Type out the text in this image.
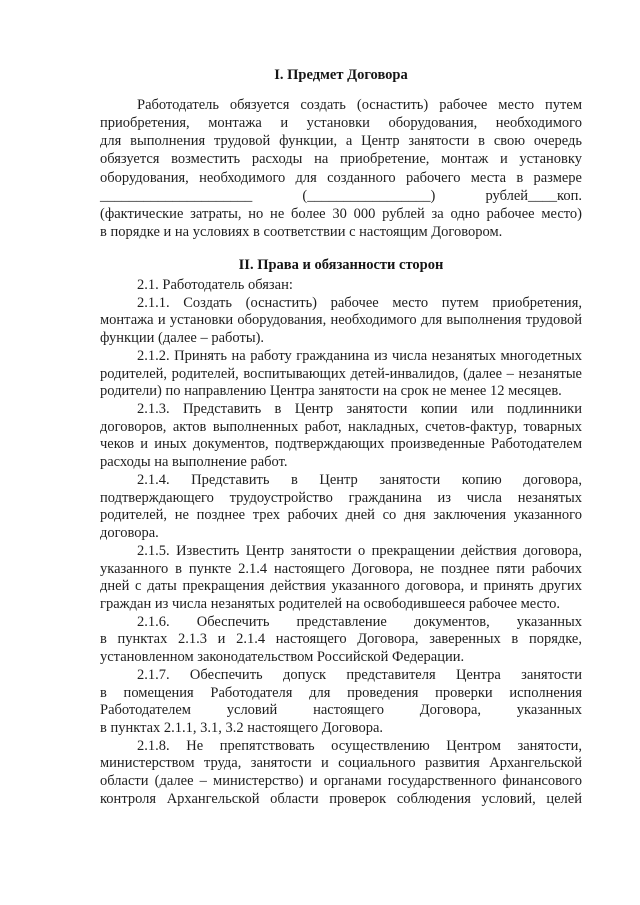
I. Предмет Договора
Работодатель обязуется создать (оснастить) рабочее место путем
приобретения, монтажа и установки оборудования, необходимого
для выполнения трудовой функции, а Центр занятости в свою очередь
обязуется возместить расходы на приобретение, монтаж и установку
оборудования, необходимого для созданного рабочего места в размере
_____________________ (_________________) рублей____коп.
(фактические затраты, но не более 30 000 рублей за одно рабочее место)
в порядке и на условиях в соответствии с настоящим Договором.
II. Права и обязанности сторон
2.1. Работодатель обязан:
2.1.1. Создать (оснастить) рабочее место путем приобретения,
монтажа и установки оборудования, необходимого для выполнения трудовой
функции (далее – работы).
2.1.2. Принять на работу гражданина из числа незанятых многодетных
родителей, родителей, воспитывающих детей-инвалидов, (далее – незанятые
родители) по направлению Центра занятости на срок не менее 12 месяцев.
2.1.3. Представить в Центр занятости копии или подлинники
договоров, актов выполненных работ, накладных, счетов-фактур, товарных
чеков и иных документов, подтверждающих произведенные Работодателем
расходы на выполнение работ.
2.1.4. Представить в Центр занятости копию договора,
подтверждающего трудоустройство гражданина из числа незанятых
родителей, не позднее трех рабочих дней со дня заключения указанного
договора.
2.1.5. Известить Центр занятости о прекращении действия договора,
указанного в пункте 2.1.4 настоящего Договора, не позднее пяти рабочих
дней с даты прекращения действия указанного договора, и принять других
граждан из числа незанятых родителей на освободившееся рабочее место.
2.1.6. Обеспечить представление документов, указанных
в пунктах 2.1.3 и 2.1.4 настоящего Договора, заверенных в порядке,
установленном законодательством Российской Федерации.
2.1.7. Обеспечить допуск представителя Центра занятости
в помещения Работодателя для проведения проверки исполнения
Работодателем условий настоящего Договора, указанных
в пунктах 2.1.1, 3.1, 3.2 настоящего Договора.
2.1.8. Не препятствовать осуществлению Центром занятости,
министерством труда, занятости и социального развития Архангельской
области (далее – министерство) и органами государственного финансового
контроля Архангельской области проверок соблюдения условий, целей
